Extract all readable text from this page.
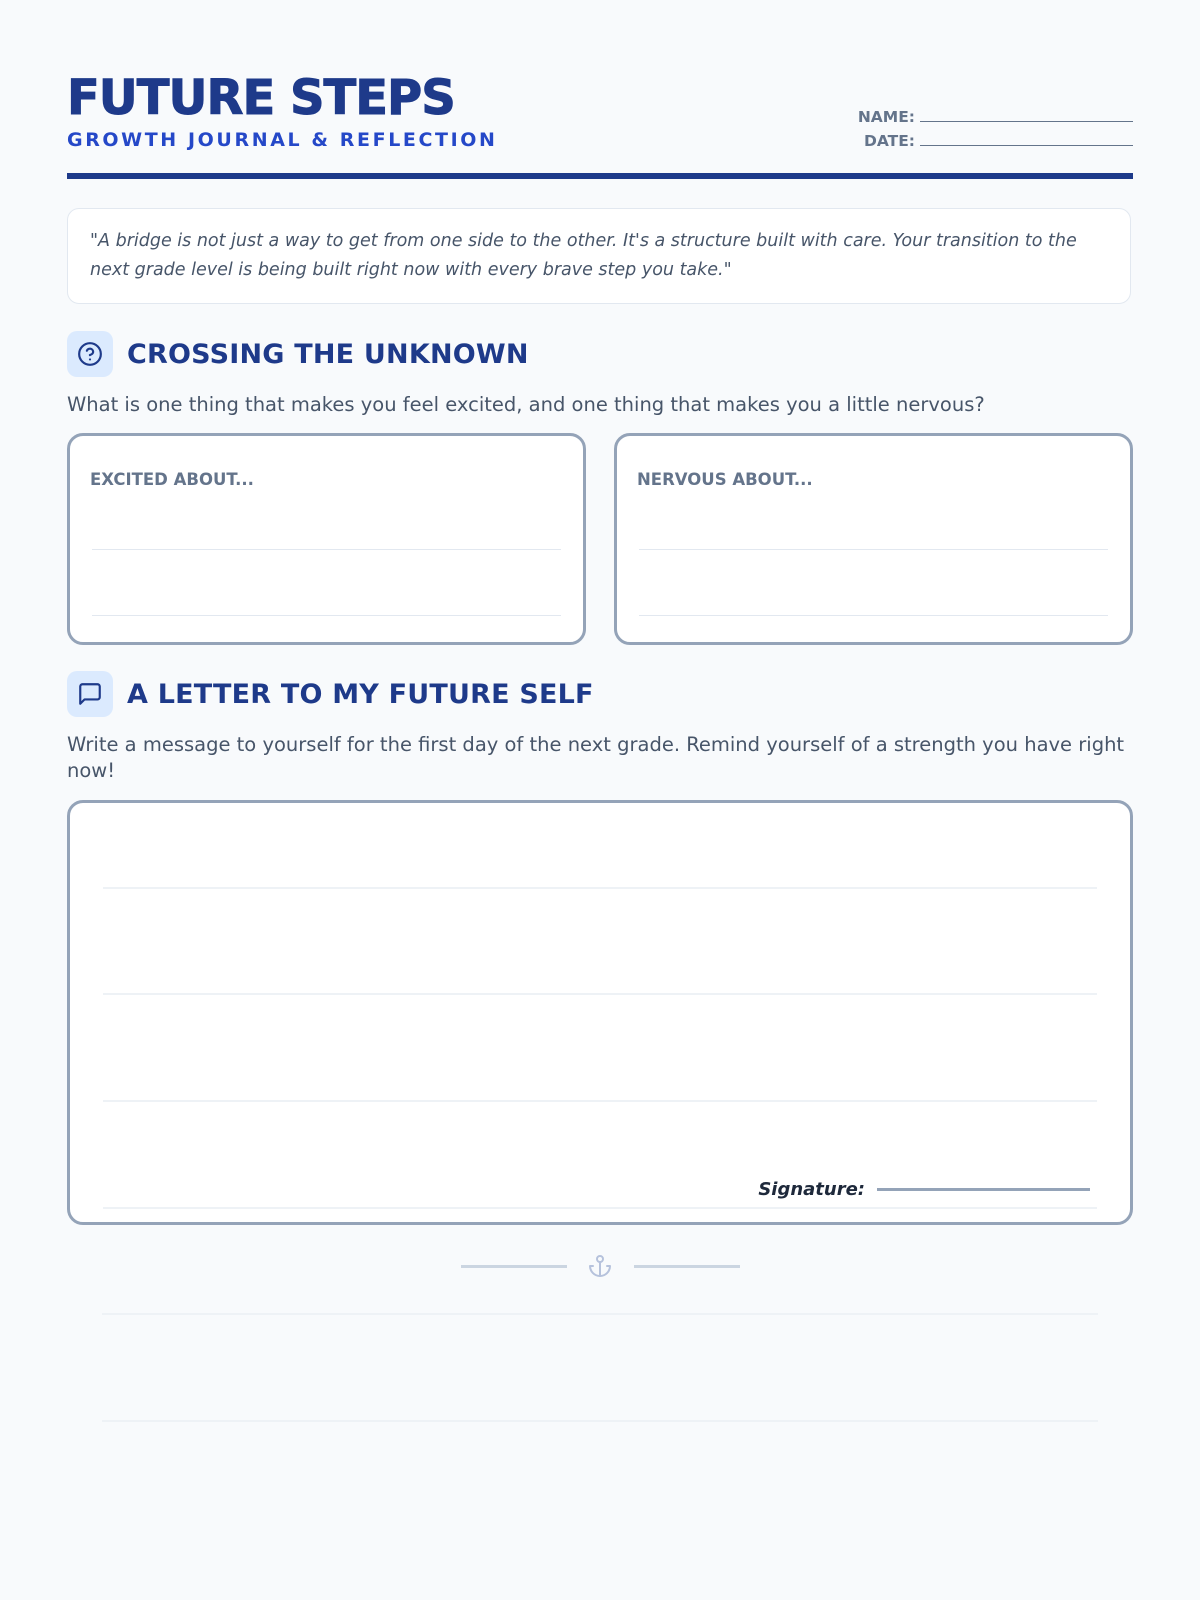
FUTURE STEPS
GROWTH JOURNAL & REFLECTION
NAME:
DATE:
"A bridge is not just a way to get from one side to the other. It's a structure built with care. Your transition to the next grade level is being built right now with every brave step you take."
CROSSING THE UNKNOWN
What is one thing that makes you feel excited, and one thing that makes you a little nervous?
EXCITED ABOUT...	NERVOUS ABOUT...
A LETTER TO MY FUTURE SELF
Write a message to yourself for the first day of the next grade. Remind yourself of a strength you have right now!
Signature:
